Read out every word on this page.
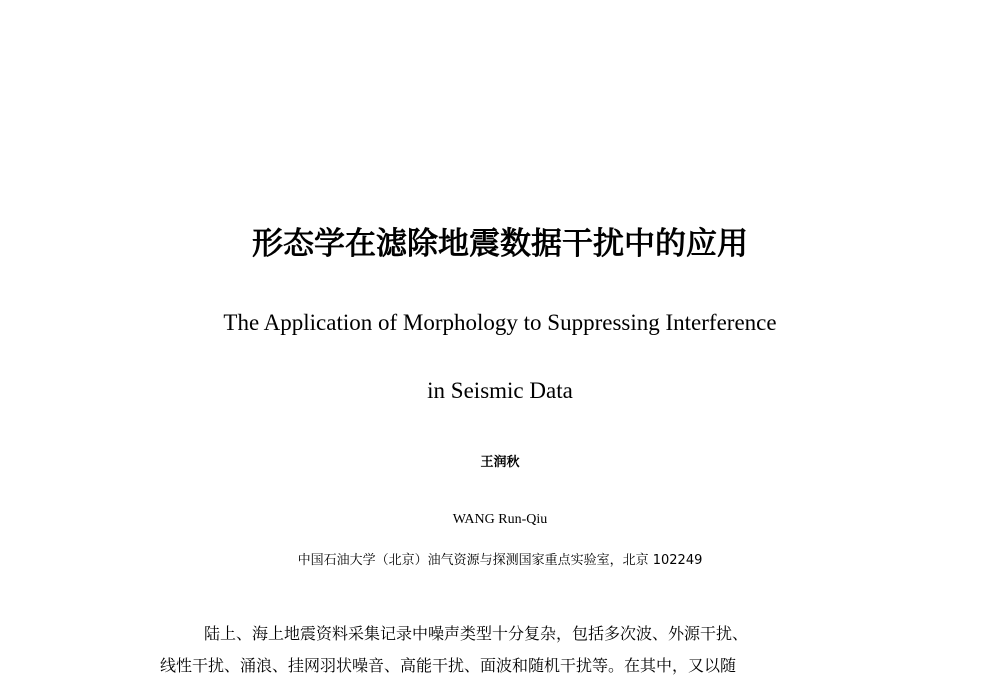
形态学在滤除地震数据干扰中的应用
The Application of Morphology to Suppressing Interference
in Seismic Data
王润秋
WANG Run-Qiu
中国石油大学（北京）油气资源与探测国家重点实验室，北京 102249
陆上、海上地震资料采集记录中噪声类型十分复杂，包括多次波、外源干扰、
线性干扰、涌浪、挂网羽状噪音、高能干扰、面波和随机干扰等。在其中，又以随
